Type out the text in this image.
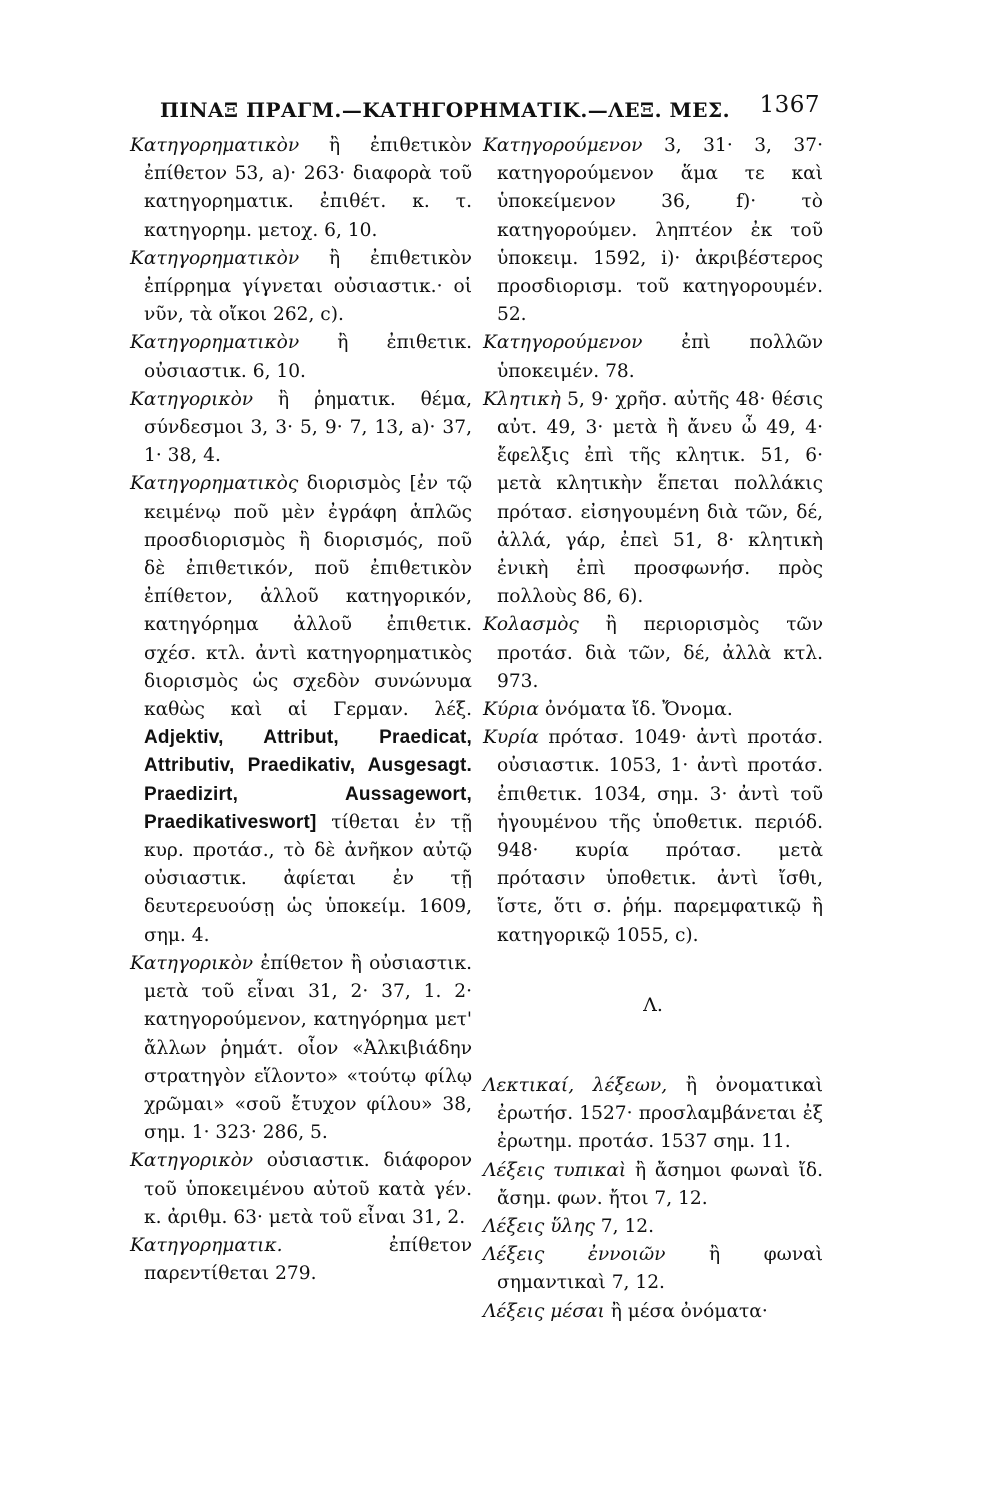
ΠΙΝΑΞ ΠΡΑΓΜ.—ΚΑΤΗΓΟΡΗΜΑΤΙΚ.—ΛΕΞ. ΜΕΣ. 1367

Κατηγορηματικὸν ἢ ἐπιθετικὸν ἐπίθετον 53, a)· 263· διαφορὰ τοῦ κατηγορηματικ. ἐπιθέτ. κ. τ. κατηγορημ. μετοχ. 6, 10.

Κατηγορηματικὸν ἢ ἐπιθετικὸν ἐπίρρημα γίγνεται οὐσιαστικ.· οἱ νῦν, τὰ οἴκοι 262, c).

Κατηγορηματικὸν ἢ ἐπιθετικ. οὐσιαστικ. 6, 10.

Κατηγορικὸν ἢ ῥηματικ. θέμα, σύνδεσμοι 3, 3· 5, 9· 7, 13, a)· 37, 1· 38, 4.

Κατηγορηματικὸς διορισμὸς [ἐν τῷ κειμένῳ ποῦ μὲν ἐγράφη ἁπλῶς προσδιορισμὸς ἢ διορισμός, ποῦ δὲ ἐπιθετικόν, ποῦ ἐπιθετικὸν ἐπίθετον, ἀλλοῦ κατηγορικόν, κατηγόρημα ἀλλοῦ ἐπιθετικ. σχέσ. κτλ. ἀντὶ κατηγορηματικὸς διορισμὸς ὡς σχεδὸν συνώνυμα καθὼς καὶ αἱ Γερμαν. λέξ. Adjektiv, Attribut, Praedicat, Attributiv, Praedikativ, Ausgesagt. Praedizirt, Aussagewort, Praedikativeswort] τίθεται ἐν τῇ κυρ. προτάσ., τὸ δὲ ἀνῆκον αὐτῷ οὐσιαστικ. ἀφίεται ἐν τῇ δευτερευούσῃ ὡς ὑποκείμ. 1609, σημ. 4.

Κατηγορικὸν ἐπίθετον ἢ οὐσιαστικ. μετὰ τοῦ εἶναι 31, 2· 37, 1. 2· κατηγορούμενον, κατηγόρημα μετ' ἄλλων ῥημάτ. οἷον «Ἀλκιβιάδην στρατηγὸν εἵλοντο» «τούτῳ φίλῳ χρῶμαι» «σοῦ ἔτυχον φίλου» 38, σημ. 1· 323· 286, 5.

Κατηγορικὸν οὐσιαστικ. διάφορον τοῦ ὑποκειμένου αὐτοῦ κατὰ γέν. κ. ἀριθμ. 63· μετὰ τοῦ εἶναι 31, 2.

Κατηγορηματικ. ἐπίθετον παρεντίθεται 279.

Κατηγορούμενον 3, 31· 3, 37· κατηγορούμενον ἅμα τε καὶ ὑποκείμενον 36, f)· τὸ κατηγορούμεν. ληπτέον ἐκ τοῦ ὑποκειμ. 1592, i)· ἀκριβέστερος προσδιορισμ. τοῦ κατηγορουμέν. 52.

Κατηγορούμενον ἐπὶ πολλῶν ὑποκειμέν. 78.

Κλητικὴ 5, 9· χρῆσ. αὐτῆς 48· θέσις αὐτ. 49, 3· μετὰ ἢ ἄνευ ὦ 49, 4· ἔφελξις ἐπὶ τῆς κλητικ. 51, 6· μετὰ κλητικὴν ἕπεται πολλάκις πρότασ. εἰσηγουμένη διὰ τῶν, δέ, ἀλλά, γάρ, ἐπεὶ 51, 8· κλητικὴ ἐνικὴ ἐπὶ προσφωνήσ. πρὸς πολλοὺς 86, 6).

Κολασμὸς ἢ περιορισμὸς τῶν προτάσ. διὰ τῶν, δέ, ἀλλὰ κτλ. 973.

Κύρια ὀνόματα ἴδ. Ὄνομα.

Κυρία πρότασ. 1049· ἀντὶ προτάσ. οὐσιαστικ. 1053, 1· ἀντὶ προτάσ. ἐπιθετικ. 1034, σημ. 3· ἀντὶ τοῦ ἡγουμένου τῆς ὑποθετικ. περιόδ. 948· κυρία πρότασ. μετὰ πρότασιν ὑποθετικ. ἀντὶ ἴσθι, ἴστε, ὅτι σ. ῥήμ. παρεμφατικῷ ἢ κατηγορικῷ 1055, c).

Λ.

Λεκτικαί, λέξεων, ἢ ὀνοματικαὶ ἐρωτήσ. 1527· προσλαμβάνεται ἐξ ἐρωτημ. προτάσ. 1537 σημ. 11.

Λέξεις τυπικαὶ ἢ ἄσημοι φωναὶ ἴδ. ἄσημ. φων. ἤτοι 7, 12.

Λέξεις ὕλης 7, 12.

Λέξεις ἐννοιῶν ἢ φωναὶ σημαντικαὶ 7, 12.

Λέξεις μέσαι ἢ μέσα ὀνόματα·
